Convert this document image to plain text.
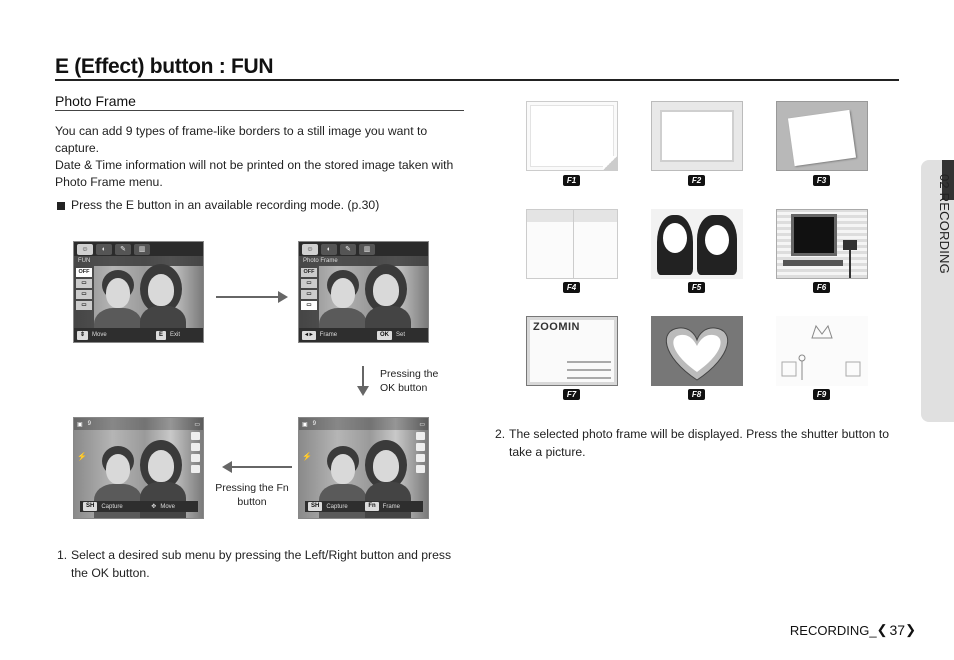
E (Effect) button : FUN
Photo Frame
You can add 9 types of frame-like borders to a still image you want to capture.
Date & Time information will not be printed on the stored image taken with Photo Frame menu.
Press the E button in an available recording mode. (p.30)
☺	◐	✎	▥
FUN
OFF
▭
▭
▭
⇕	Move	E	Exit
☺	◐	✎	▥
Photo Frame
OFF
▭
▭
▭
◂ ▸	Frame	OK	Set
Pressing the OK button
▣ 9	▭
⚡
SH	Capture	✥ Move
Pressing the Fn button
▣ 9	▭
⚡
SH	Capture	Fn	Frame
1. Select a desired sub menu by pressing the Left/Right button and press the OK button.
F1	F2	F3
F4	F5	F6
ZOOMIN
F7	F8	F9
2. The selected photo frame will be displayed. Press the shutter button to take a picture.
02 RECORDING
RECORDING_ ❮ 37 ❯
